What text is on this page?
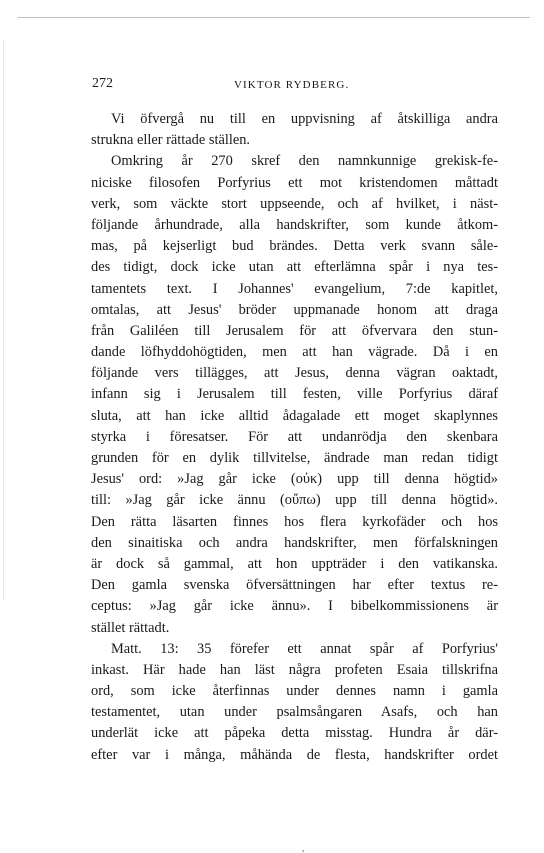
272	VIKTOR RYDBERG.
Vi öfvergå nu till en uppvisning af åtskilliga andra
strukna eller rättade ställen.
Omkring år 270 skref den namnkunnige grekisk-fe-
niciske filosofen Porfyrius ett mot kristendomen måttadt
verk, som väckte stort uppseende, och af hvilket, i näst-
följande århundrade, alla handskrifter, som kunde åtkom-
mas, på kejserligt bud brändes. Detta verk svann såle-
des tidigt, dock icke utan att efterlämna spår i nya tes-
tamentets text. I Johannes' evangelium, 7:de kapitlet,
omtalas, att Jesus' bröder uppmanade honom att draga
från Galiléen till Jerusalem för att öfvervara den stun-
dande löfhyddohögtiden, men att han vägrade. Då i en
följande vers tillägges, att Jesus, denna vägran oaktadt,
infann sig i Jerusalem till festen, ville Porfyrius däraf
sluta, att han icke alltid ådagalade ett moget skaplynnes
styrka i föresatser. För att undanrödja den skenbara
grunden för en dylik tillvitelse, ändrade man redan tidigt
Jesus' ord: »Jag går icke (οὐκ) upp till denna högtid»
till: »Jag går icke ännu (οὔπω) upp till denna högtid».
Den rätta läsarten finnes hos flera kyrkofäder och hos
den sinaitiska och andra handskrifter, men förfalskningen
är dock så gammal, att hon uppträder i den vatikanska.
Den gamla svenska öfversättningen har efter textus re-
ceptus: »Jag går icke ännu». I bibelkommissionens är
stället rättadt.
Matt. 13: 35 förefer ett annat spår af Porfyrius'
inkast. Här hade han läst några profeten Esaia tillskrifna
ord, som icke återfinnas under dennes namn i gamla
testamentet, utan under psalmsångaren Asafs, och han
underlät icke att påpeka detta misstag. Hundra år där-
efter var i många, måhända de flesta, handskrifter ordet
,
